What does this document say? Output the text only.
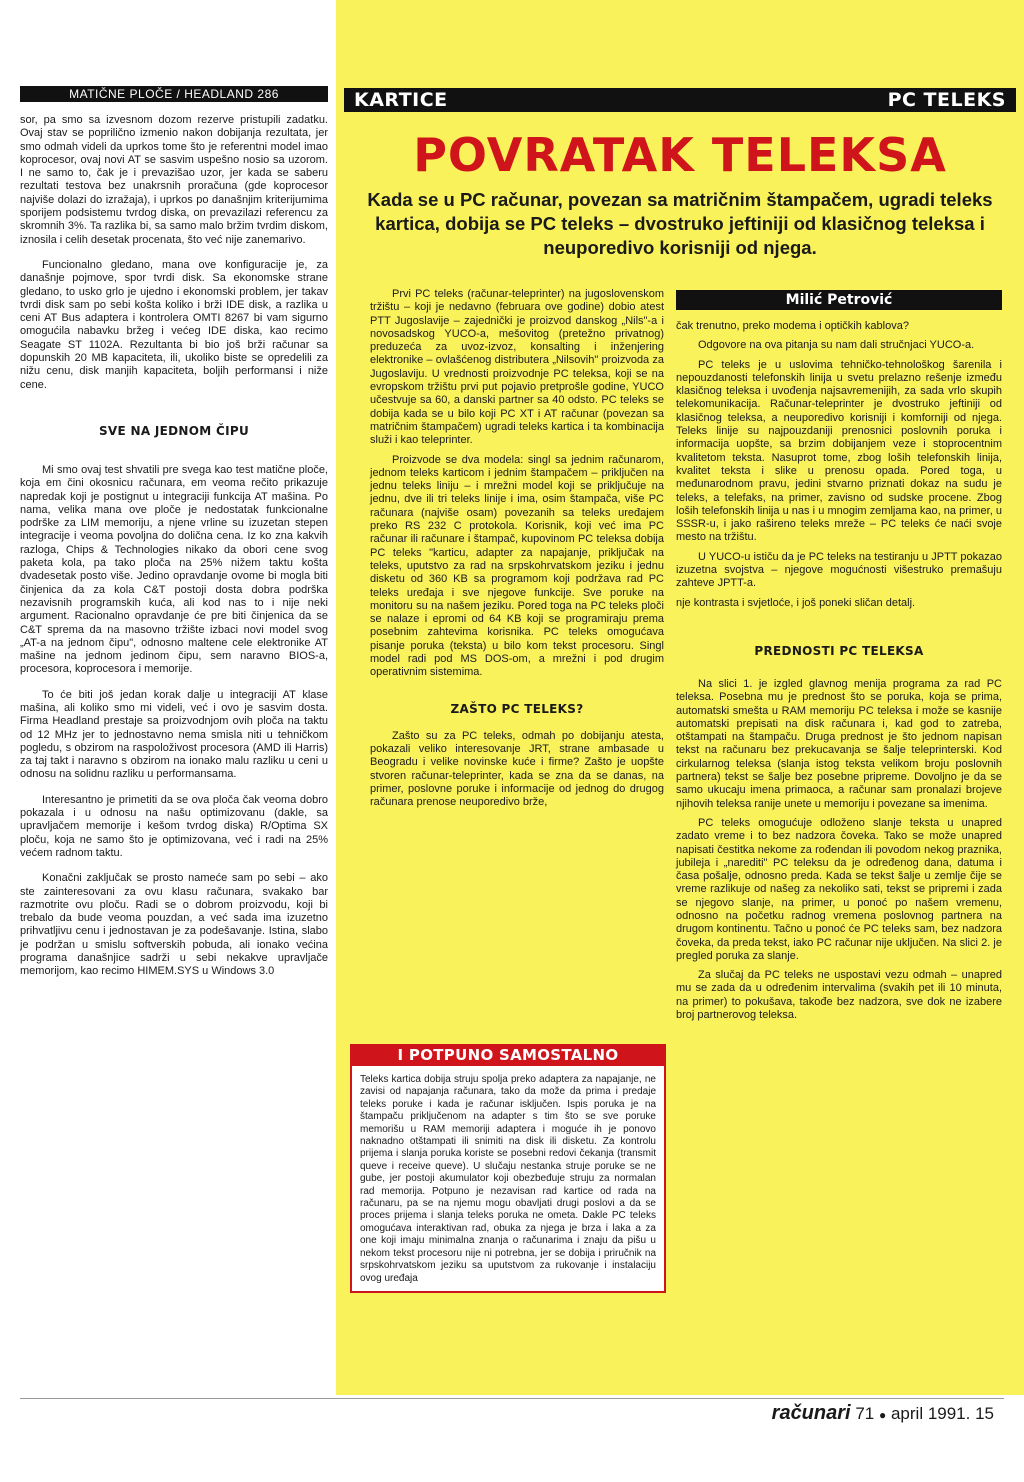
MATIČNE PLOČE / HEADLAND 286

sor, pa smo sa izvesnom dozom rezerve pristupili zadatku. Ovaj stav se poprilično izmenio nakon dobijanja rezultata, jer smo odmah videli da uprkos tome što je referentni model imao koprocesor, ovaj novi AT se sasvim uspešno nosio sa uzorom. I ne samo to, čak je i prevazišao uzor, jer kada se saberu rezultati testova bez unakrsnih proračuna (gde koprocesor najviše dolazi do izražaja), i uprkos po današnjim kriterijumima sporijem podsistemu tvrdog diska, on prevazilazi referencu za skromnih 3%. Ta razlika bi, sa samo malo bržim tvrdim diskom, iznosila i celih desetak procenata, što već nije zanemarivo.

Funcionalno gledano, mana ove konfiguracije je, za današnje pojmove, spor tvrdi disk. Sa ekonomske strane gledano, to usko grlo je ujedno i ekonomski problem, jer takav tvrdi disk sam po sebi košta koliko i brži IDE disk, a razlika u ceni AT Bus adaptera i kontrolera OMTI 8267 bi vam sigurno omogućila nabavku bržeg i većeg IDE diska, kao recimo Seagate ST 1102A. Rezultanta bi bio još brži računar sa dopunskih 20 MB kapaciteta, ili, ukoliko biste se opredelili za nižu cenu, disk manjih kapaciteta, boljih performansi i niže cene.

SVE NA JEDNOM ČIPU

Mi smo ovaj test shvatili pre svega kao test matične ploče, koja em čini okosnicu računara, em veoma rečito prikazuje napredak koji je postignut u integraciji funkcija AT mašina. Po nama, velika mana ove ploče je nedostatak funkcionalne podrške za LIM memoriju, a njene vrline su izuzetan stepen integracije i veoma povoljna do dolična cena. Iz ko zna kakvih razloga, Chips & Technologies nikako da obori cene svog paketa kola, pa tako ploča na 25% nižem taktu košta dvadesetak posto više. Jedino opravdanje ovome bi mogla biti činjenica da za kola C&T postoji dosta dobra podrška nezavisnih programskih kuća, ali kod nas to i nije neki argument. Racionalno opravdanje će pre biti činjenica da se C&T sprema da na masovno tržište izbaci novi model svog „AT-a na jednom čipu", odnosno maltene cele elektronike AT mašine na jednom jedinom čipu, sem naravno BIOS-a, procesora, koprocesora i memorije.

To će biti još jedan korak dalje u integraciji AT klase mašina, ali koliko smo mi videli, već i ovo je sasvim dosta. Firma Headland prestaje sa proizvodnjom ovih ploča na taktu od 12 MHz jer to jednostavno nema smisla niti u tehničkom pogledu, s obzirom na raspoloživost procesora (AMD ili Harris) za taj takt i naravno s obzirom na ionako malu razliku u ceni u odnosu na solidnu razliku u performansama.

Interesantno je primetiti da se ova ploča čak veoma dobro pokazala i u odnosu na našu optimizovanu (dakle, sa upravljačem memorije i kešom tvrdog diska) R/Optima SX ploču, koja ne samo što je optimizovana, već i radi na 25% većem radnom taktu.

Konačni zaključak se prosto nameće sam po sebi – ako ste zainteresovani za ovu klasu računara, svakako bar razmotrite ovu ploču. Radi se o dobrom proizvodu, koji bi trebalo da bude veoma pouzdan, a već sada ima izuzetno prihvatljivu cenu i jednostavan je za podešavanje. Istina, slabo je podržan u smislu softverskih pobuda, ali ionako većina programa današnjice sadrži u sebi nekakve upravljače memorijom, kao recimo HIMEM.SYS u Windows 3.0

KARTICE	PC TELEKS
POVRATAK TELEKSA
Kada se u PC računar, povezan sa matričnim štampačem, ugradi teleks kartica, dobija se PC teleks – dvostruko jeftiniji od klasičnog teleksa i neuporedivo korisniji od njega.

Prvi PC teleks (računar-teleprinter) na jugoslovenskom tržištu – koji je nedavno (februara ove godine) dobio atest PTT Jugoslavije – zajednički je proizvod danskog „Nils"-a i novosadskog YUCO-a, mešovitog (pretežno privatnog) preduzeća za uvoz-izvoz, konsalting i inženjering elektronike – ovlašćenog distributera „Nilsovih" proizvoda za Jugoslaviju. U vrednosti proizvodnje PC teleksa, koji se na evropskom tržištu prvi put pojavio pretprošle godine, YUCO učestvuje sa 60, a danski partner sa 40 odsto. PC teleks se dobija kada se u bilo koji PC XT i AT računar (povezan sa matričnim štampačem) ugradi teleks kartica i ta kombinacija služi i kao teleprinter.

Proizvode se dva modela: singl sa jednim računarom, jednom teleks karticom i jednim štampačem – priključen na jednu teleks liniju – i mrežni model koji se priključuje na jednu, dve ili tri teleks linije i ima, osim štampača, više PC računara (najviše osam) povezanih sa teleks uređajem preko RS 232 C protokola. Korisnik, koji već ima PC računar ili računare i štampač, kupovinom PC teleksa dobija PC teleks "karticu, adapter za napajanje, priključak na teleks, uputstvo za rad na srpskohrvatskom jeziku i jednu disketu od 360 KB sa programom koji podržava rad PC teleks uređaja i sve njegove funkcije. Sve poruke na monitoru su na našem jeziku. Pored toga na PC teleks ploči se nalaze i epromi od 64 KB koji se programiraju prema posebnim zahtevima korisnika. PC teleks omogućava pisanje poruka (teksta) u bilo kom tekst procesoru. Singl model radi pod MS DOS-om, a mrežni i pod drugim operativnim sistemima.

ZAŠTO PC TELEKS?

Zašto su za PC teleks, odmah po dobijanju atesta, pokazali veliko interesovanje JRT, strane ambasade u Beogradu i velike novinske kuće i firme? Zašto je uopšte stvoren računar-teleprinter, kada se zna da se danas, na primer, poslovne poruke i informacije od jednog do drugog računara prenose neuporedivo brže,

I POTPUNO SAMOSTALNO
Teleks kartica dobija struju spolja preko adaptera za napajanje, ne zavisi od napajanja računara, tako da može da prima i predaje teleks poruke i kada je računar isključen. Ispis poruka je na štampaču priključenom na adapter s tim što se sve poruke memorišu u RAM memoriji adaptera i moguće ih je ponovo naknadno otštampati ili snimiti na disk ili disketu. Za kontrolu prijema i slanja poruka koriste se posebni redovi čekanja (transmit queve i receive queve). U slučaju nestanka struje poruke se ne gube, jer postoji akumulator koji obezbeđuje struju za normalan rad memorija. Potpuno je nezavisan rad kartice od rada na računaru, pa se na njemu mogu obavljati drugi poslovi a da se proces prijema i slanja teleks poruka ne ometa. Dakle PC teleks omogućava interaktivan rad, obuka za njega je brza i laka a za one koji imaju minimalna znanja o računarima i znaju da pišu u nekom tekst procesoru nije ni potrebna, jer se dobija i priručnik na srpskohrvatskom jeziku sa uputstvom za rukovanje i instalaciju ovog uređaja
Milić Petrović

čak trenutno, preko modema i optičkih kablova?

Odgovore na ova pitanja su nam dali stručnjaci YUCO-a.

PC teleks je u uslovima tehničko-tehnološkog šarenila i nepouzdanosti telefonskih linija u svetu prelazno rešenje između klasičnog teleksa i uvođenja najsavremenijih, za sada vrlo skupih telekomunikacija. Računar-teleprinter je dvostruko jeftiniji od klasičnog teleksa, a neuporedivo korisniji i komforniji od njega. Teleks linije su najpouzdaniji prenosnici poslovnih poruka i informacija uopšte, sa brzim dobijanjem veze i stoprocentnim kvalitetom teksta. Nasuprot tome, zbog loših telefonskih linija, kvalitet teksta i slike u prenosu opada. Pored toga, u međunarodnom pravu, jedini stvarno priznati dokaz na sudu je teleks, a telefaks, na primer, zavisno od sudske procene. Zbog loših telefonskih linija u nas i u mnogim zemljama kao, na primer, u SSSR-u, i jako rašireno teleks mreže – PC teleks će naći svoje mesto na tržištu.

U YUCO-u ističu da je PC teleks na testiranju u JPTT pokazao izuzetna svojstva – njegove mogućnosti višestruko premašuju zahteve JPTT-a.

nje kontrasta i svjetloće, i još poneki sličan detalj.

PREDNOSTI PC TELEKSA

Na slici 1. je izgled glavnog menija programa za rad PC teleksa. Posebna mu je prednost što se poruka, koja se prima, automatski smešta u RAM memoriju PC teleksa i može se kasnije automatski prepisati na disk računara i, kad god to zatreba, otštampati na štampaču. Druga prednost je što jednom napisan tekst na računaru bez prekucavanja se šalje teleprinterski. Kod cirkularnog teleksa (slanja istog teksta velikom broju poslovnih partnera) tekst se šalje bez posebne pripreme. Dovoljno je da se samo ukucaju imena primaoca, a računar sam pronalazi brojeve njihovih teleksa ranije unete u memoriju i povezane sa imenima.

PC teleks omogućuje odloženo slanje teksta u unapred zadato vreme i to bez nadzora čoveka. Tako se može unapred napisati čestitka nekome za rođendan ili povodom nekog praznika, jubileja i „narediti" PC teleksu da je određenog dana, datuma i časa pošalje, odnosno preda. Kada se tekst šalje u zemlje čije se vreme razlikuje od našeg za nekoliko sati, tekst se pripremi i zada se njegovo slanje, na primer, u ponoć po našem vremenu, odnosno na početku radnog vremena poslovnog partnera na drugom kontinentu. Tačno u ponoć će PC teleks sam, bez nadzora čoveka, da preda tekst, iako PC računar nije uključen. Na slici 2. je pregled poruka za slanje.

Za slučaj da PC teleks ne uspostavi vezu odmah – unapred mu se zada da u određenim intervalima (svakih pet ili 10 minuta, na primer) to pokušava, takođe bez nadzora, sve dok ne izabere broj partnerovog teleksa.

računari 71 ● april 1991. 15
